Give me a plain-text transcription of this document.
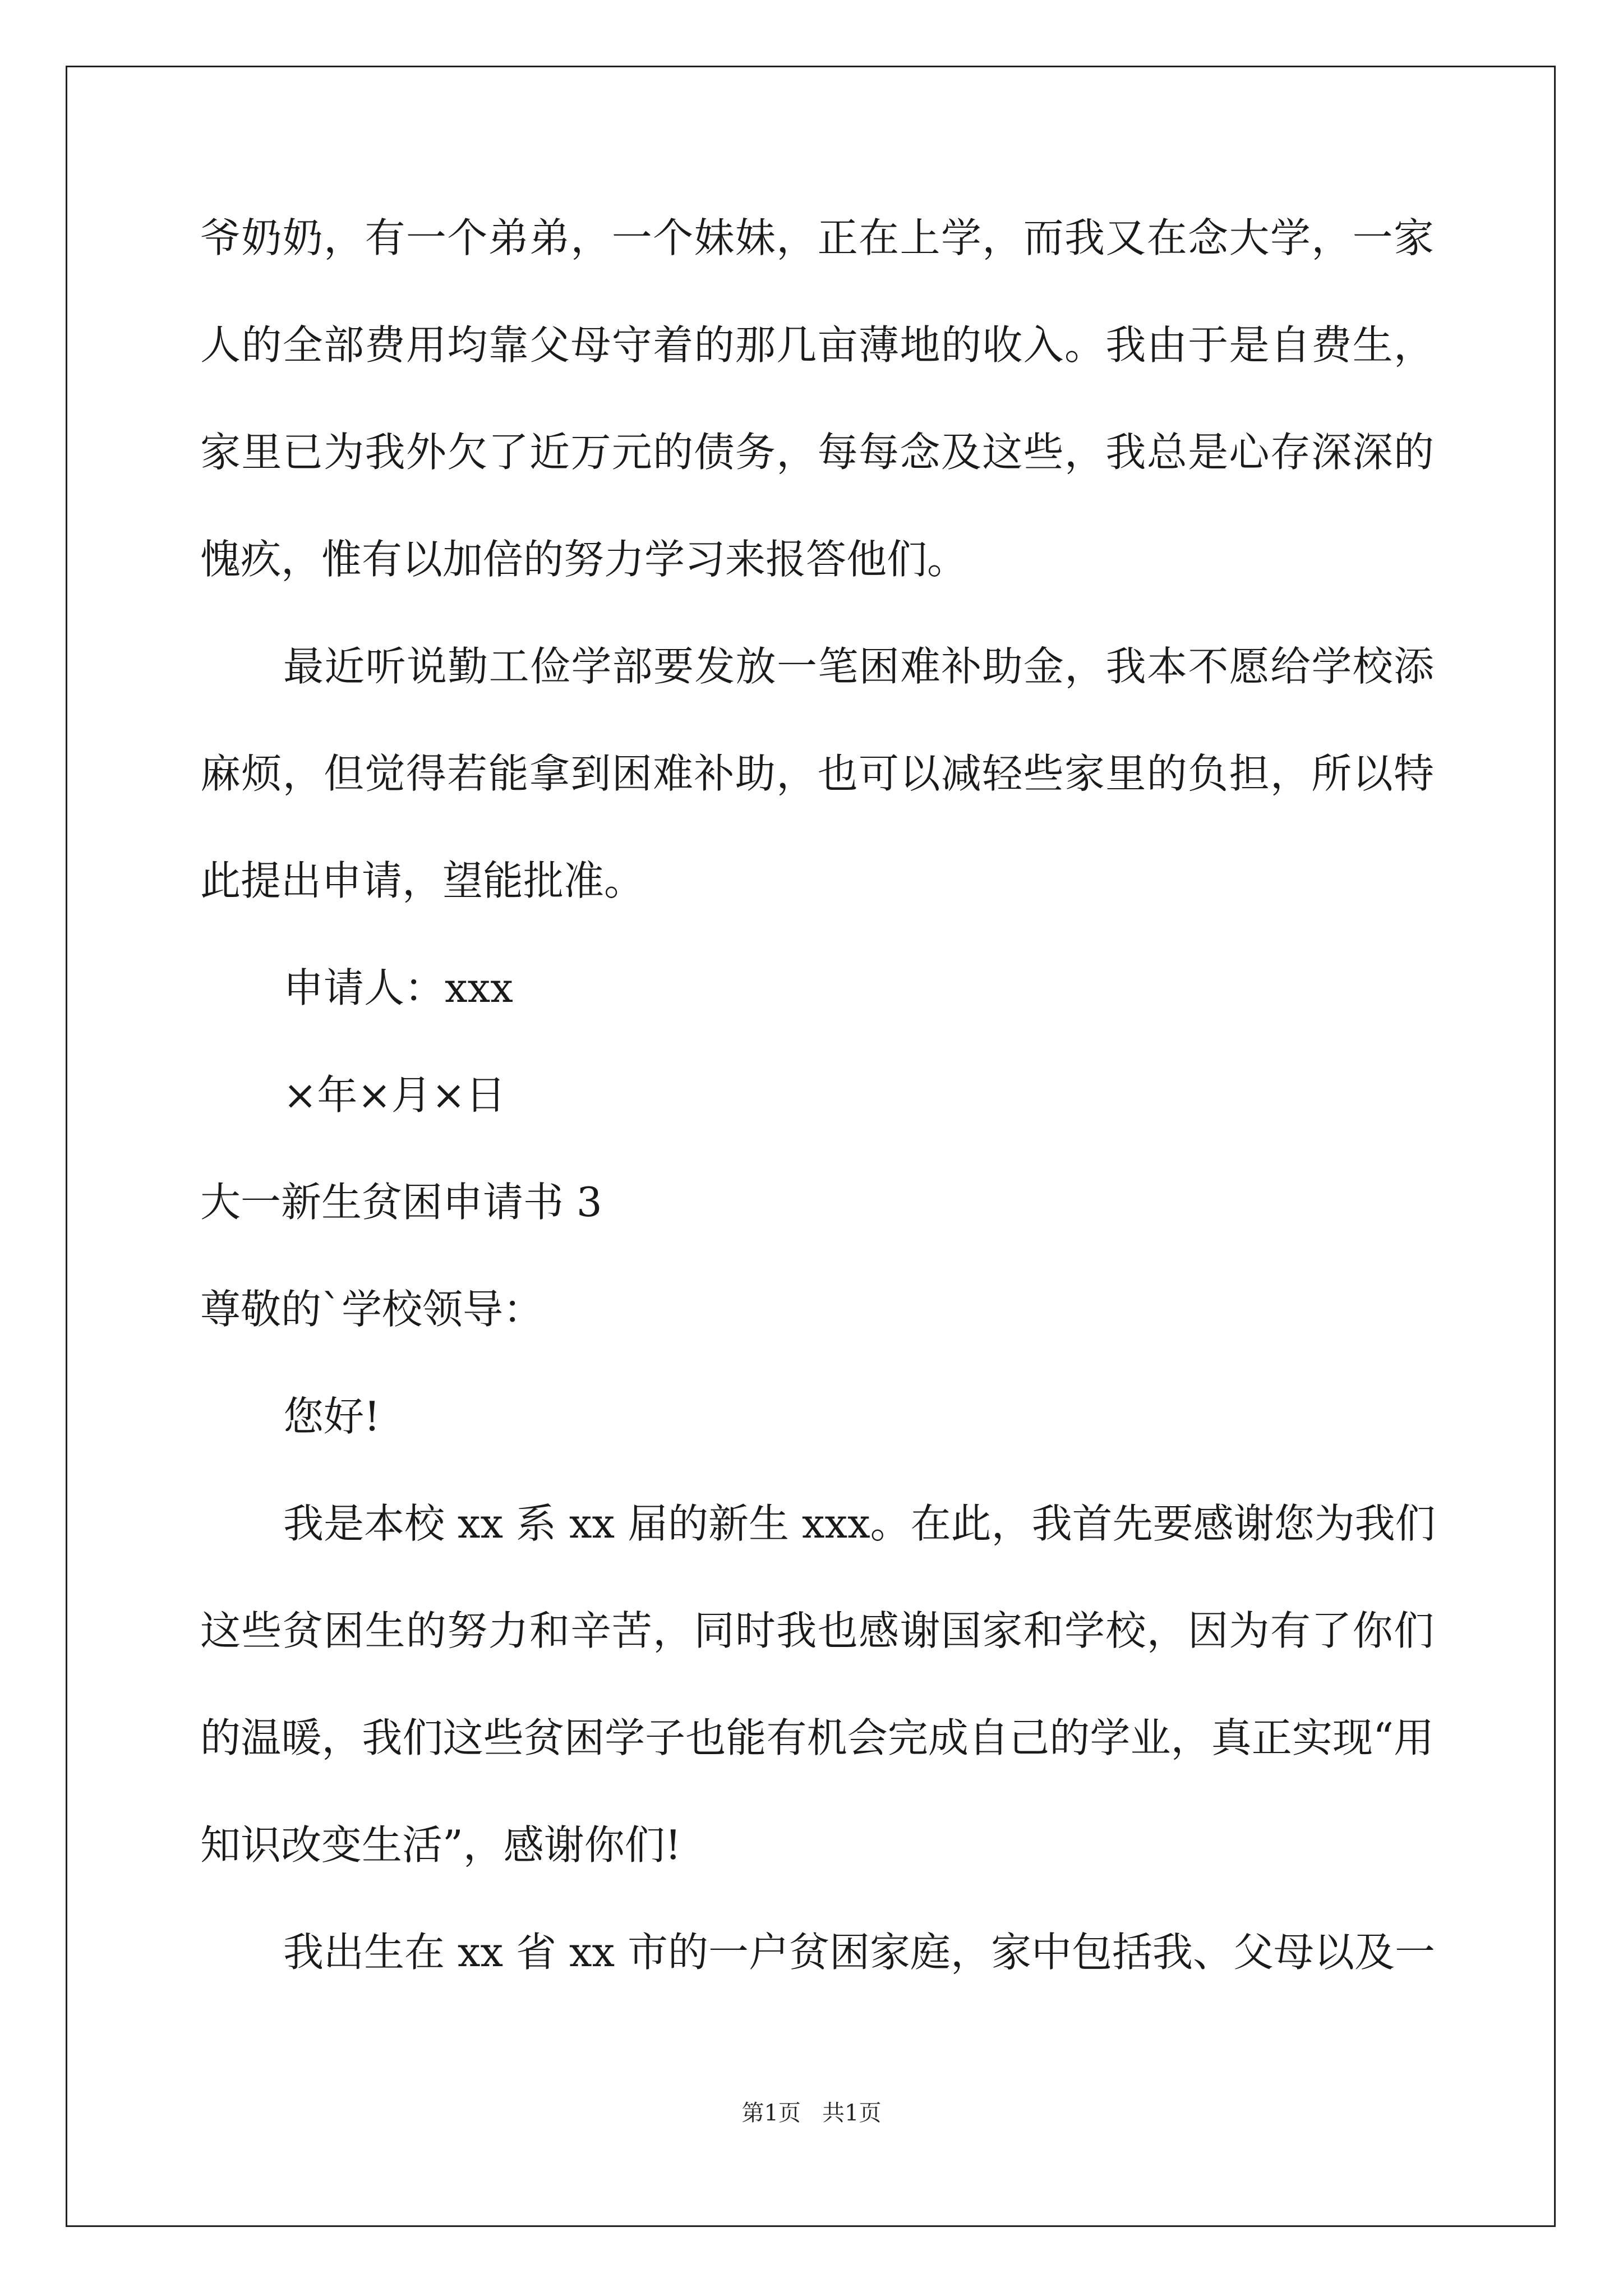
爷奶奶，有一个弟弟，一个妹妹，正在上学，而我又在念大学，一家
人的全部费用均靠父母守着的那几亩薄地的收入。我由于是自费生，
家里已为我外欠了近万元的债务，每每念及这些，我总是心存深深的
愧疚，惟有以加倍的努力学习来报答他们。
最近听说勤工俭学部要发放一笔困难补助金，我本不愿给学校添
麻烦，但觉得若能拿到困难补助，也可以减轻些家里的负担，所以特
此提出申请，望能批准。
申请人：xxx
×年×月×日
大一新生贫困申请书 3
尊敬的`学校领导：
您好!
我是本校 xx 系 xx 届的新生 xxx。在此，我首先要感谢您为我们
这些贫困生的努力和辛苦，同时我也感谢国家和学校，因为有了你们
的温暖，我们这些贫困学子也能有机会完成自己的学业，真正实现“用
知识改变生活”，感谢你们!
我出生在 xx 省 xx 市的一户贫困家庭，家中包括我、父母以及一
第1页   共1页
